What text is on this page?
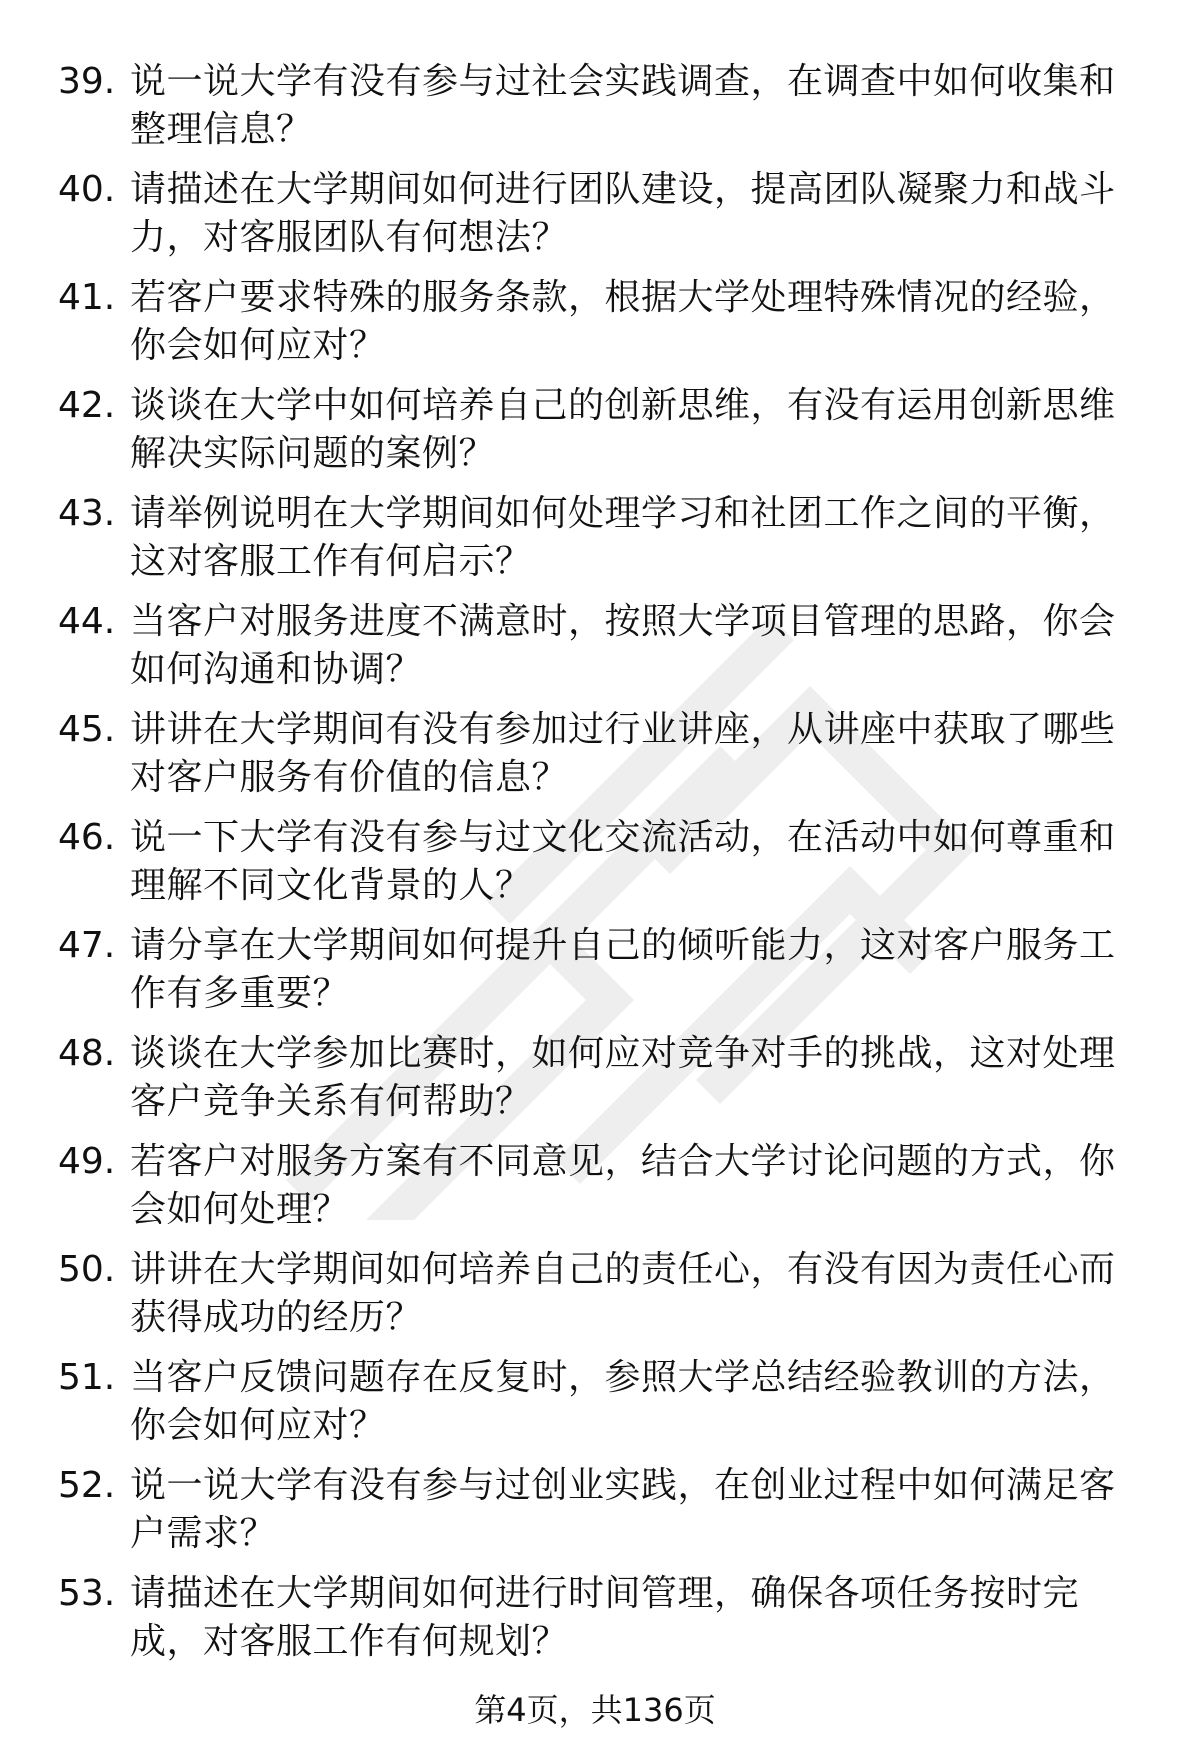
39. 说一说大学有没有参与过社会实践调查，在调查中如何收集和整理信息？
40. 请描述在大学期间如何进行团队建设，提高团队凝聚力和战斗力，对客服团队有何想法？
41. 若客户要求特殊的服务条款，根据大学处理特殊情况的经验，你会如何应对？
42. 谈谈在大学中如何培养自己的创新思维，有没有运用创新思维解决实际问题的案例？
43. 请举例说明在大学期间如何处理学习和社团工作之间的平衡，这对客服工作有何启示？
44. 当客户对服务进度不满意时，按照大学项目管理的思路，你会如何沟通和协调？
45. 讲讲在大学期间有没有参加过行业讲座，从讲座中获取了哪些对客户服务有价值的信息？
46. 说一下大学有没有参与过文化交流活动，在活动中如何尊重和理解不同文化背景的人？
47. 请分享在大学期间如何提升自己的倾听能力，这对客户服务工作有多重要？
48. 谈谈在大学参加比赛时，如何应对竞争对手的挑战，这对处理客户竞争关系有何帮助？
49. 若客户对服务方案有不同意见，结合大学讨论问题的方式，你会如何处理？
50. 讲讲在大学期间如何培养自己的责任心，有没有因为责任心而获得成功的经历？
51. 当客户反馈问题存在反复时，参照大学总结经验教训的方法，你会如何应对？
52. 说一说大学有没有参与过创业实践，在创业过程中如何满足客户需求？
53. 请描述在大学期间如何进行时间管理，确保各项任务按时完成，对客服工作有何规划？
第4页，共136页
